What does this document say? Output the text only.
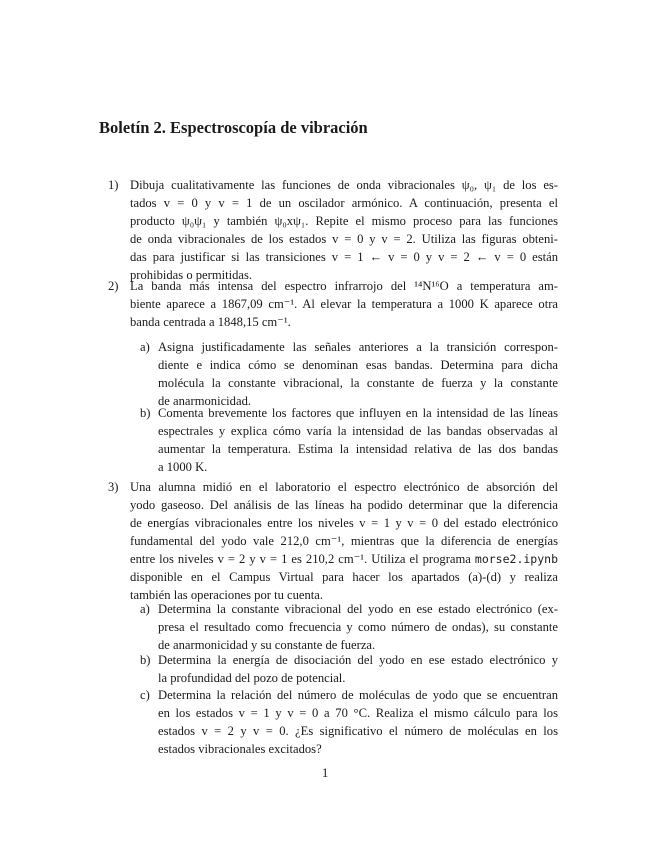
Boletín 2. Espectroscopía de vibración
1) Dibuja cualitativamente las funciones de onda vibracionales ψ₀, ψ₁ de los es-
tados v = 0 y v = 1 de un oscilador armónico. A continuación, presenta el
producto ψ₀ψ₁ y también ψ₀xψ₁. Repite el mismo proceso para las funciones
de onda vibracionales de los estados v = 0 y v = 2. Utiliza las figuras obteni-
das para justificar si las transiciones v = 1 ← v = 0 y v = 2 ← v = 0 están
prohibidas o permitidas.
2) La banda más intensa del espectro infrarrojo del ¹⁴N¹⁶O a temperatura am-
biente aparece a 1867,09 cm⁻¹. Al elevar la temperatura a 1000 K aparece otra
banda centrada a 1848,15 cm⁻¹.
a) Asigna justificadamente las señales anteriores a la transición correspon-
diente e indica cómo se denominan esas bandas. Determina para dicha
molécula la constante vibracional, la constante de fuerza y la constante
de anarmonicidad.
b) Comenta brevemente los factores que influyen en la intensidad de las líneas
espectrales y explica cómo varía la intensidad de las bandas observadas al
aumentar la temperatura. Estima la intensidad relativa de las dos bandas
a 1000 K.
3) Una alumna midió en el laboratorio el espectro electrónico de absorción del
yodo gaseoso. Del análisis de las líneas ha podido determinar que la diferencia
de energías vibracionales entre los niveles v = 1 y v = 0 del estado electrónico
fundamental del yodo vale 212,0 cm⁻¹, mientras que la diferencia de energías
entre los niveles v = 2 y v = 1 es 210,2 cm⁻¹. Utiliza el programa morse2.ipynb
disponible en el Campus Virtual para hacer los apartados (a)-(d) y realiza
también las operaciones por tu cuenta.
a) Determina la constante vibracional del yodo en ese estado electrónico (ex-
presa el resultado como frecuencia y como número de ondas), su constante
de anarmonicidad y su constante de fuerza.
b) Determina la energía de disociación del yodo en ese estado electrónico y
la profundidad del pozo de potencial.
c) Determina la relación del número de moléculas de yodo que se encuentran
en los estados v = 1 y v = 0 a 70 °C. Realiza el mismo cálculo para los
estados v = 2 y v = 0. ¿Es significativo el número de moléculas en los
estados vibracionales excitados?
1
